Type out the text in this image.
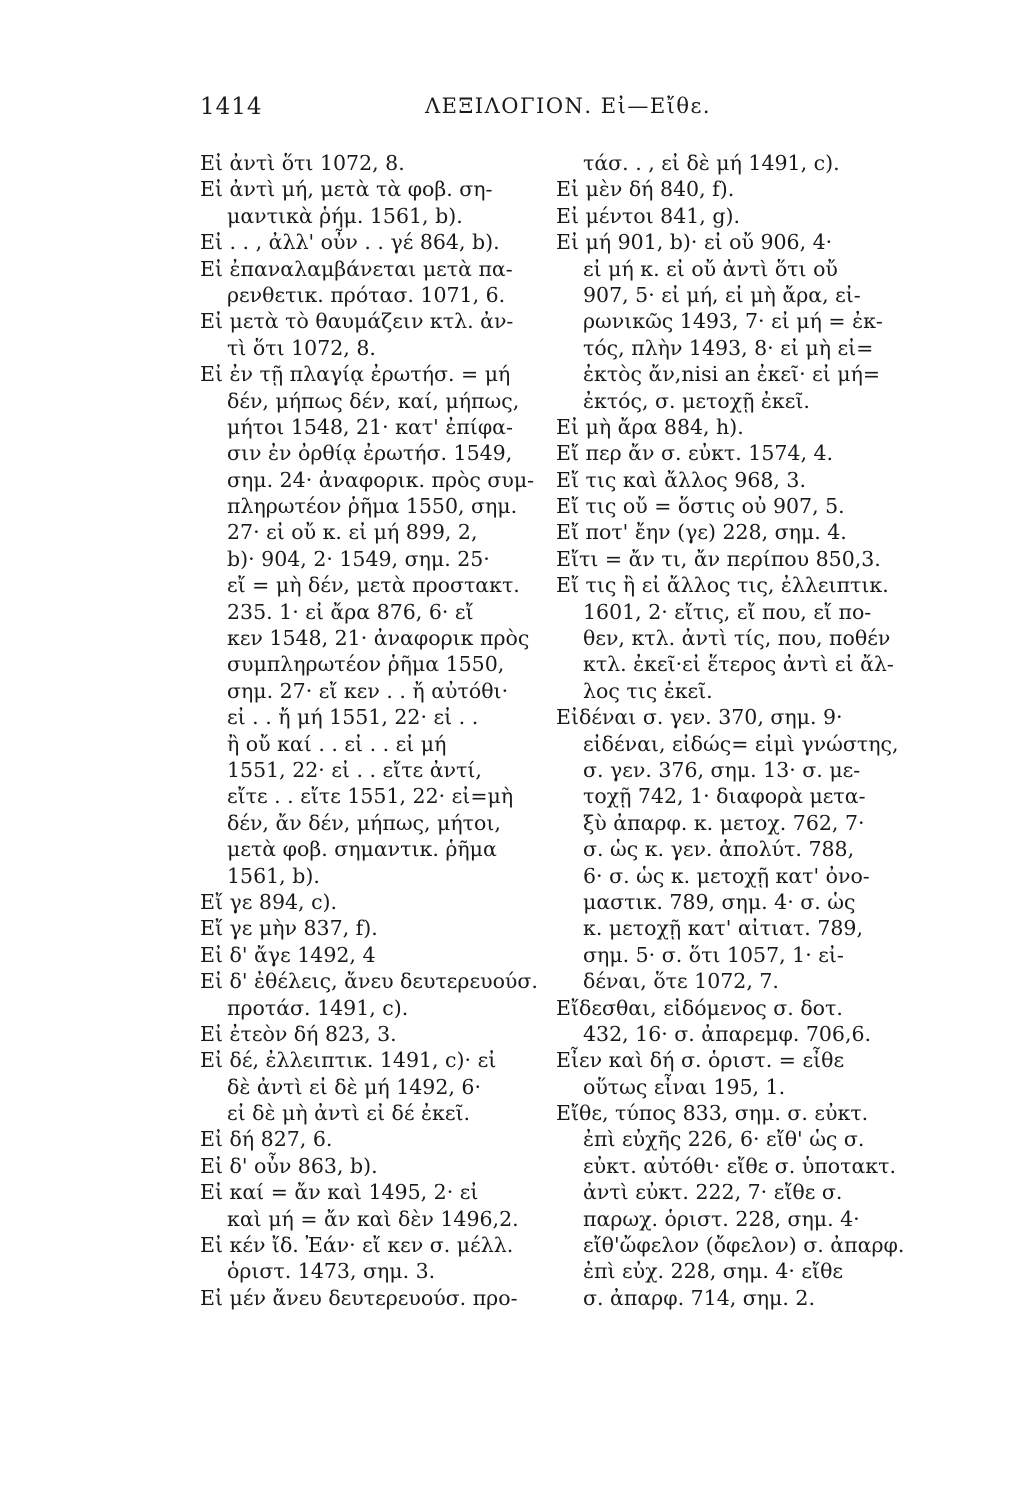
1414	ΛΕΞΙΛΟΓΙΟΝ. Εἰ—Εἴθε.
Εἰ ἀντὶ ὅτι 1072, 8.
Εἰ ἀντὶ μή, μετὰ τὰ φοβ. ση-
μαντικὰ ῥήμ. 1561, b).
Εἰ . . , ἀλλ' οὖν . . γέ 864, b).
Εἰ ἐπαναλαμβάνεται μετὰ πα-
ρενθετικ. πρότασ. 1071, 6.
Εἰ μετὰ τὸ θαυμάζειν κτλ. ἀν-
τὶ ὅτι 1072, 8.
Εἰ ἐν τῇ πλαγίᾳ ἐρωτήσ. = μή
δέν, μήπως δέν, καί, μήπως,
μήτοι 1548, 21· κατ' ἐπίφα-
σιν ἐν ὀρθίᾳ ἐρωτήσ. 1549,
σημ. 24· ἀναφορικ. πρὸς συμ-
πληρωτέον ῥῆμα 1550, σημ.
27· εἰ οὔ κ. εἰ μή 899, 2,
b)· 904, 2· 1549, σημ. 25·
εἴ = μὴ δέν, μετὰ προστακτ.
235. 1· εἰ ἄρα 876, 6· εἴ
κεν 1548, 21· ἀναφορικ πρὸς
συμπληρωτέον ῥῆμα 1550,
σημ. 27· εἴ κεν . . ἤ αὐτόθι·
εἰ . . ἤ μή 1551, 22· εἰ . .
ἢ οὔ καί . . εἰ . . εἰ μή
1551, 22· εἰ . . εἴτε ἀντί,
εἴτε . . εἴτε 1551, 22· εἰ=μὴ
δέν, ἄν δέν, μήπως, μήτοι,
μετὰ φοβ. σημαντικ. ῥῆμα
1561, b).
Εἴ γε 894, c).
Εἴ γε μὴν 837, f).
Εἰ δ' ἄγε 1492, 4
Εἰ δ' ἐθέλεις, ἄνευ δευτερευούσ.
προτάσ. 1491, c).
Εἰ ἐτεὸν δή 823, 3.
Εἰ δέ, ἐλλειπτικ. 1491, c)· εἰ
δὲ ἀντὶ εἰ δὲ μή 1492, 6·
εἰ δὲ μὴ ἀντὶ εἰ δέ ἐκεῖ.
Εἰ δή 827, 6.
Εἰ δ' οὖν 863, b).
Εἰ καί = ἄν καὶ 1495, 2· εἰ
καὶ μή = ἄν καὶ δὲν 1496,2.
Εἰ κέν ἴδ. Ἐάν· εἴ κεν σ. μέλλ.
ὁριστ. 1473, σημ. 3.
Εἰ μέν ἄνευ δευτερευούσ. προ-
τάσ. . , εἰ δὲ μή 1491, c).
Εἰ μὲν δή 840, f).
Εἰ μέντοι 841, g).
Εἰ μή 901, b)· εἰ οὔ 906, 4·
εἰ μή κ. εἰ οὔ ἀντὶ ὅτι οὔ
907, 5· εἰ μή, εἰ μὴ ἄρα, εἰ-
ρωνικῶς 1493, 7· εἰ μή = ἐκ-
τός, πλὴν 1493, 8· εἰ μὴ εἰ=
ἐκτὸς ἄν,nisi an ἐκεῖ· εἰ μή=
ἐκτός, σ. μετοχῇ ἐκεῖ.
Εἰ μὴ ἄρα 884, h).
Εἴ περ ἄν σ. εὐκτ. 1574, 4.
Εἴ τις καὶ ἄλλος 968, 3.
Εἴ τις οὔ = ὅστις οὐ 907, 5.
Εἴ ποτ' ἔην (γε) 228, σημ. 4.
Εἴτι = ἄν τι, ἄν περίπου 850,3.
Εἴ τις ἢ εἰ ἄλλος τις, ἐλλειπτικ.
1601, 2· εἴτις, εἴ που, εἴ πο-
θεν, κτλ. ἀντὶ τίς, που, ποθέν
κτλ. ἐκεῖ·εἰ ἕτερος ἀντὶ εἰ ἄλ-
λος τις ἐκεῖ.
Εἰδέναι σ. γεν. 370, σημ. 9·
εἰδέναι, εἰδώς= εἰμὶ γνώστης,
σ. γεν. 376, σημ. 13· σ. με-
τοχῇ 742, 1· διαφορὰ μετα-
ξὺ ἀπαρφ. κ. μετοχ. 762, 7·
σ. ὡς κ. γεν. ἀπολύτ. 788,
6· σ. ὡς κ. μετοχῇ κατ' ὀνο-
μαστικ. 789, σημ. 4· σ. ὡς
κ. μετοχῇ κατ' αἰτιατ. 789,
σημ. 5· σ. ὅτι 1057, 1· εἰ-
δέναι, ὅτε 1072, 7.
Εἴδεσθαι, εἰδόμενος σ. δοτ.
432, 16· σ. ἀπαρεμφ. 706,6.
Εἶεν καὶ δή σ. ὁριστ. = εἶθε
οὕτως εἶναι 195, 1.
Εἴθε, τύπος 833, σημ. σ. εὐκτ.
ἐπὶ εὐχῆς 226, 6· εἴθ' ὡς σ.
εὐκτ. αὐτόθι· εἴθε σ. ὑποτακτ.
ἀντὶ εὐκτ. 222, 7· εἴθε σ.
παρωχ. ὁριστ. 228, σημ. 4·
εἴθ'ὤφελον (ὄφελον) σ. ἀπαρφ.
ἐπὶ εὐχ. 228, σημ. 4· εἴθε
σ. ἀπαρφ. 714, σημ. 2.
